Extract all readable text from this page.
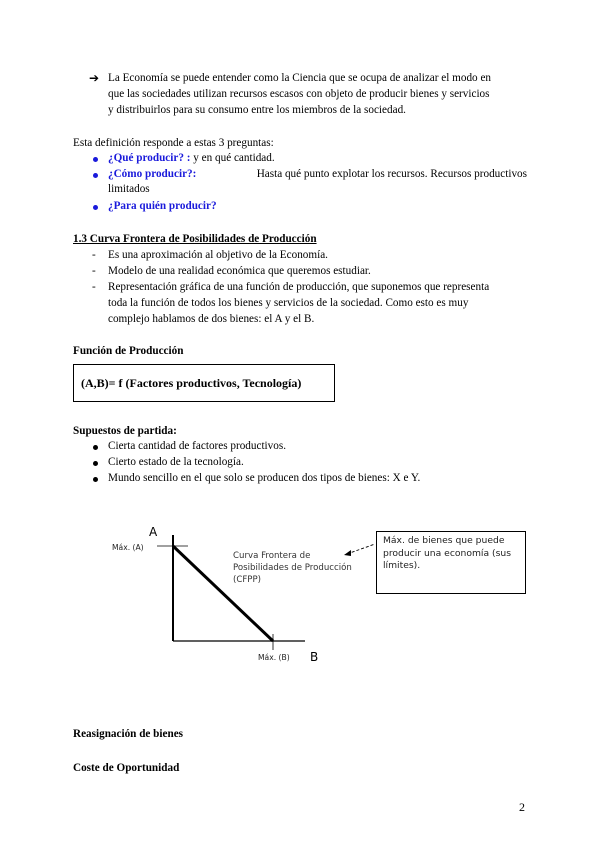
➔ La Economía se puede entender como la Ciencia que se ocupa de analizar el modo en
que las sociedades utilizan recursos escasos con objeto de producir bienes y servicios
y distribuirlos para su consumo entre los miembros de la sociedad.
Esta definición responde a estas 3 preguntas:
¿Qué producir? : y en qué cantidad.
¿Cómo producir?:	Hasta qué punto explotar los recursos. Recursos productivos
limitados
¿Para quién producir?
1.3 Curva Frontera de Posibilidades de Producción
- Es una aproximación al objetivo de la Economía.
- Modelo de una realidad económica que queremos estudiar.
- Representación gráfica de una función de producción, que suponemos que representa
toda la función de todos los bienes y servicios de la sociedad. Como esto es muy
complejo hablamos de dos bienes: el A y el B.
Función de Producción
(A,B)= f (Factores productivos, Tecnología)
Supuestos de partida:
Cierta cantidad de factores productivos.
Cierto estado de la tecnología.
Mundo sencillo en el que solo se producen dos tipos de bienes: X e Y.
A
B
Máx. (A)
Máx. (B)
Curva Frontera de
Posibilidades de Producción
(CFPP)
Máx. de bienes que puede
producir una economía (sus
límites).
Reasignación de bienes
Coste de Oportunidad
2
